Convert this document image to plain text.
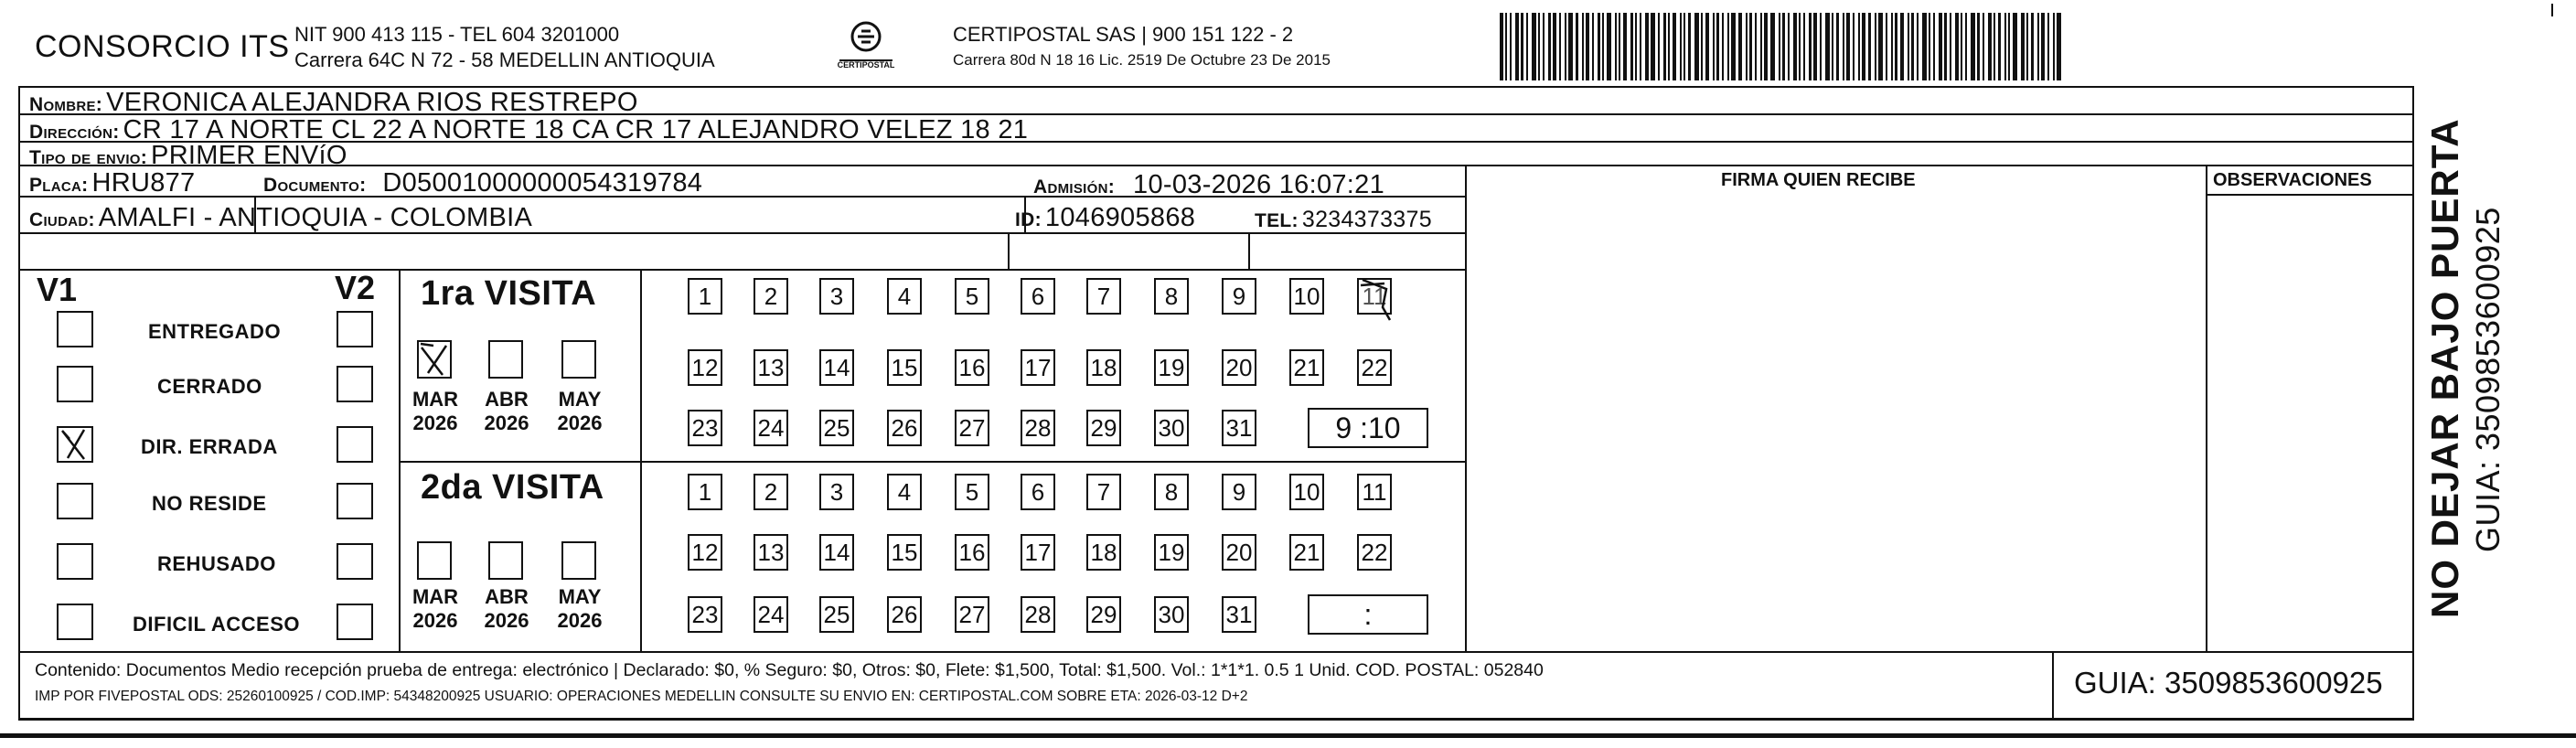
CONSORCIO ITS NIT 900 413 115 - TEL 604 3201000
Carrera 64C N 72 - 58 MEDELLIN ANTIOQUIA	CERTIPOSTAL
CERTIPOSTAL SAS | 900 151 122 - 2
Carrera 80d N 18 16 Lic. 2519 De Octubre 23 De 2015
Nombre: VERONICA ALEJANDRA RIOS RESTREPO
Dirección: CR 17 A NORTE CL 22 A NORTE 18 CA CR 17 ALEJANDRO VELEZ 18 21
Tipo de envio: PRIMER ENVíO
Placa: HRU877	Documento: D05001000000054319784	Admisión: 10-03-2026 16:07:21
Ciudad: AMALFI - ANTIOQUIA - COLOMBIA	ID: 1046905868	TEL: 3234373375
FIRMA QUIEN RECIBE	OBSERVACIONES
V1	V2
ENTREGADO
CERRADO
DIR. ERRADA
NO RESIDE
REHUSADO
DIFICIL ACCESO
1ra VISITA
MAR
2026
ABR
2026
MAY
2026
1	2	3	4	5	6	7	8	9	10 11
12 13 14 15 16 17 18 19 20 21 22
23 24 25 26 27 28 29 30 31	9 :10
2da VISITA
MAR
2026
ABR
2026
MAY
2026
1	2	3	4	5	6	7	8	9	10 11
12 13 14 15 16 17 18 19 20 21 22
23 24 25 26 27 28 29 30 31	:
Contenido: Documentos Medio recepción prueba de entrega: electrónico | Declarado: $0, % Seguro: $0, Otros: $0, Flete: $1,500, Total: $1,500. Vol.: 1*1*1. 0.5 1 Unid. COD. POSTAL: 052840
IMP POR FIVEPOSTAL ODS: 25260100925 / COD.IMP: 54348200925 USUARIO: OPERACIONES MEDELLIN CONSULTE SU ENVIO EN: CERTIPOSTAL.COM SOBRE ETA: 2026-03-12 D+2	GUIA: 3509853600925
NO DEJAR BAJO PUERTA GUIA: 3509853600925
